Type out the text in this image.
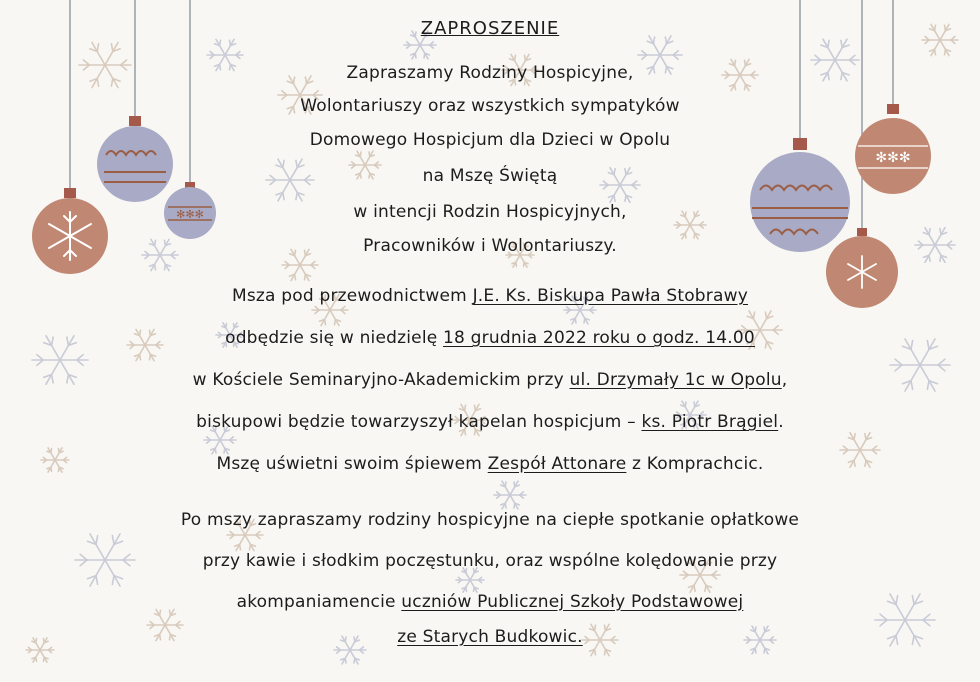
✻✻✻
✻✻✻
ZAPROSZENIE
Zapraszamy Rodziny Hospicyjne,
Wolontariuszy oraz wszystkich sympatyków
Domowego Hospicjum dla Dzieci w Opolu
na Mszę Świętą
w intencji Rodzin Hospicyjnych,
Pracowników i Wolontariuszy.
Msza pod przewodnictwem J.E. Ks. Biskupa Pawła Stobrawy
odbędzie się w niedzielę 18 grudnia 2022 roku o godz. 14.00
w Kościele Seminaryjno-Akademickim przy ul. Drzymały 1c w Opolu,
biskupowi będzie towarzyszył kapelan hospicjum – ks. Piotr Brągiel.
Mszę uświetni swoim śpiewem Zespół Attonare z Komprachcic.
Po mszy zapraszamy rodziny hospicyjne na ciepłe spotkanie opłatkowe
przy kawie i słodkim poczęstunku, oraz wspólne kolędowanie przy
akompaniamencie uczniów Publicznej Szkoły Podstawowej
ze Starych Budkowic.
